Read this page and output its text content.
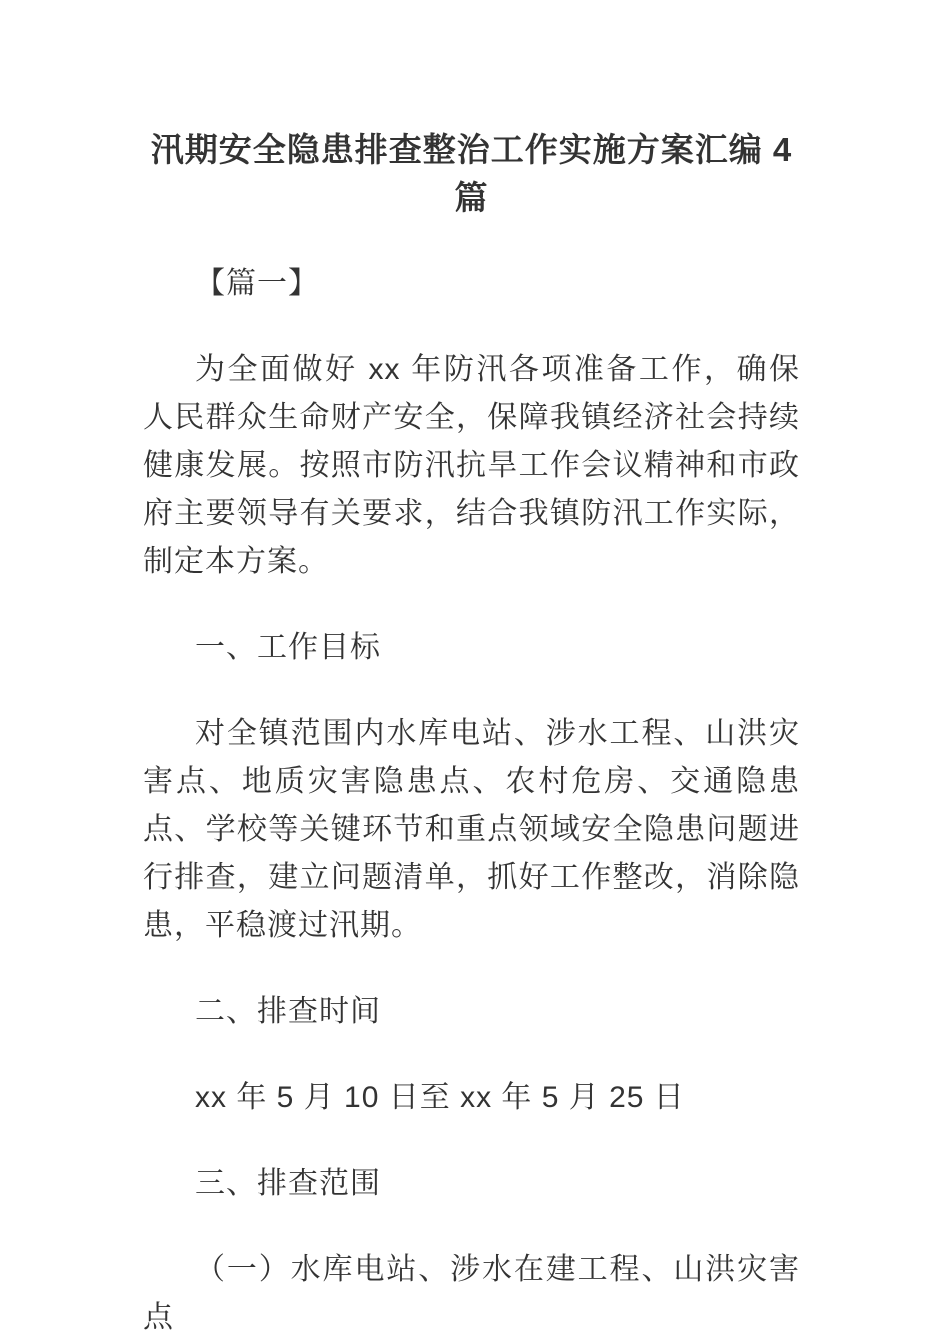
汛期安全隐患排查整治工作实施方案汇编 4 篇

【篇一】

为全面做好 xx 年防汛各项准备工作，确保人民群众生命财产安全，保障我镇经济社会持续健康发展。按照市防汛抗旱工作会议精神和市政府主要领导有关要求，结合我镇防汛工作实际，制定本方案。

一、工作目标

对全镇范围内水库电站、涉水工程、山洪灾害点、地质灾害隐患点、农村危房、交通隐患点、学校等关键环节和重点领域安全隐患问题进行排查，建立问题清单，抓好工作整改，消除隐患，平稳渡过汛期。

二、排查时间

xx 年 5 月 10 日至 xx 年 5 月 25 日

三、排查范围

（一）水库电站、涉水在建工程、山洪灾害点
